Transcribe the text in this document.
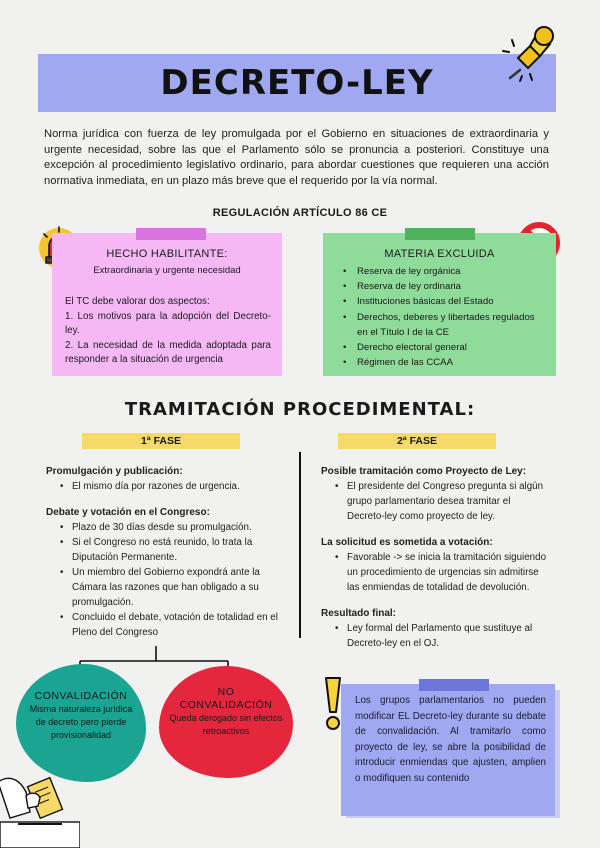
DECRETO-LEY

Norma jurídica con fuerza de ley promulgada por el Gobierno en situaciones de extraordinaria y urgente necesidad, sobre las que el Parlamento sólo se pronuncia a posteriori. Constituye una excepción al procedimiento legislativo ordinario, para abordar cuestiones que requieren una acción normativa inmediata, en un plazo más breve que el requerido por la vía normal.

REGULACIÓN ARTÍCULO 86 CE
HECHO HABILITANTE:
Extraordinaria y urgente necesidad

El TC debe valorar dos aspectos:

1. Los motivos para la adopción del Decreto-ley.

2. La necesidad de la medida adoptada para responder a la situación de urgencia

MATERIA EXCLUIDA
• Reserva de ley orgánica
• Reserva de ley ordinaria
• Instituciones básicas del Estado
• Derechos, deberes y libertades regulados en el Título I de la CE
• Derecho electoral general
• Régimen de las CCAA
TRAMITACIÓN PROCEDIMENTAL:
1ª FASE	2ª FASE
Promulgación y publicación:
• El mismo día por razones de urgencia.
Debate y votación en el Congreso:
• Plazo de 30 días desde su promulgación.
• Si el Congreso no está reunido, lo trata la Diputación Permanente.
• Un miembro del Gobierno expondrá ante la Cámara las razones que han obligado a su promulgación.
• Concluido el debate, votación de totalidad en el Pleno del Congreso
Posible tramitación como Proyecto de Ley:
• El presidente del Congreso pregunta si algún grupo parlamentario desea tramitar el Decreto-ley como proyecto de ley.
La solicitud es sometida a votación:
• Favorable -> se inicia la tramitación siguiendo un procedimiento de urgencias sin admitirse las enmiendas de totalidad de devolución.
Resultado final:
• Ley formal del Parlamento que sustituye al Decreto-ley en el OJ.
CONVALIDACIÓN
Misma naturaleza jurídica de decreto pero pierde provisionalidad
NO
CONVALIDACIÓN
Queda derogado sin efectos retroactivos

Los grupos parlamentarios no pueden modificar EL Decreto-ley durante su debate de convalidación. Al tramitarlo como proyecto de ley, se abre la posibilidad de introducir enmiendas que ajusten, amplien o modifiquen su contenido
